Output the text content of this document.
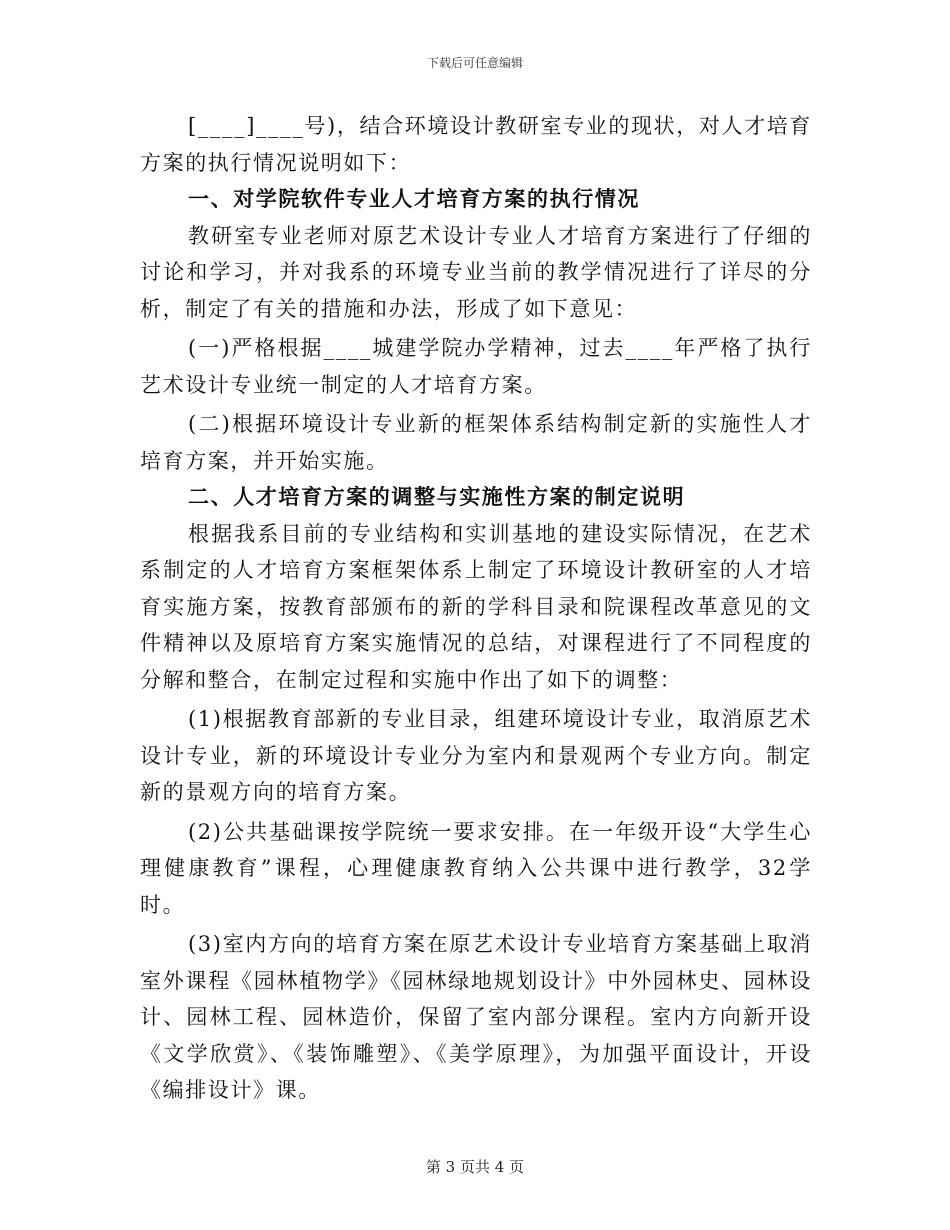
下载后可任意编辑

[____]____号)，结合环境设计教研室专业的现状，对人才培育方案的执行情况说明如下：

一、对学院软件专业人才培育方案的执行情况

教研室专业老师对原艺术设计专业人才培育方案进行了仔细的讨论和学习，并对我系的环境专业当前的教学情况进行了详尽的分析，制定了有关的措施和办法，形成了如下意见：

(一)严格根据____城建学院办学精神，过去____年严格了执行艺术设计专业统一制定的人才培育方案。

(二)根据环境设计专业新的框架体系结构制定新的实施性人才培育方案，并开始实施。

二、人才培育方案的调整与实施性方案的制定说明

根据我系目前的专业结构和实训基地的建设实际情况，在艺术系制定的人才培育方案框架体系上制定了环境设计教研室的人才培育实施方案，按教育部颁布的新的学科目录和院课程改革意见的文件精神以及原培育方案实施情况的总结，对课程进行了不同程度的分解和整合，在制定过程和实施中作出了如下的调整：

(1)根据教育部新的专业目录，组建环境设计专业，取消原艺术设计专业，新的环境设计专业分为室内和景观两个专业方向。制定新的景观方向的培育方案。

(2)公共基础课按学院统一要求安排。在一年级开设“大学生心理健康教育”课程，心理健康教育纳入公共课中进行教学，32学时。

(3)室内方向的培育方案在原艺术设计专业培育方案基础上取消室外课程《园林植物学》《园林绿地规划设计》中外园林史、园林设计、园林工程、园林造价，保留了室内部分课程。室内方向新开设《文学欣赏》、《装饰雕塑》、《美学原理》，为加强平面设计，开设《编排设计》课。

第 3 页共 4 页
